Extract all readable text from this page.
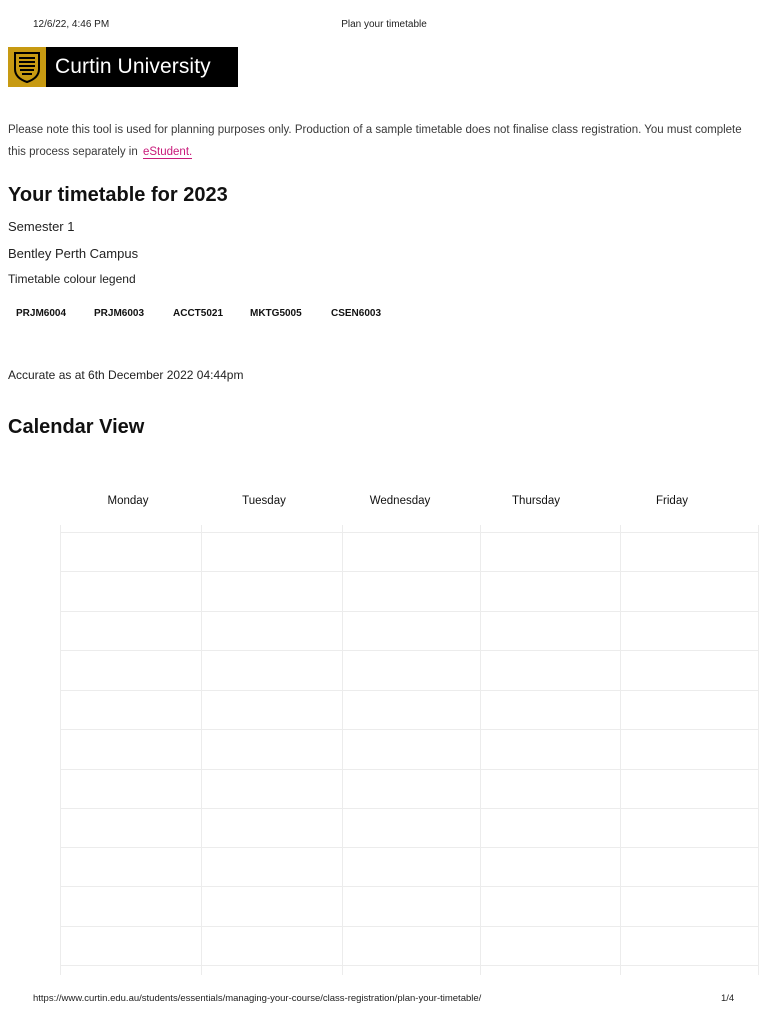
12/6/22, 4:46 PM	Plan your timetable
Curtin University

Please note this tool is used for planning purposes only. Production of a sample timetable does not finalise class registration. You must complete this process separately in eStudent.

Your timetable for 2023

Semester 1

Bentley Perth Campus

Timetable colour legend
PRJM6004	PRJM6003	ACCT5021	MKTG5005	CSEN6003
Accurate as at 6th December 2022 04:44pm
Calendar View
Monday	Tuesday	Wednesday	Thursday	Friday
https://www.curtin.edu.au/students/essentials/managing-your-course/class-registration/plan-your-timetable/	1/4
